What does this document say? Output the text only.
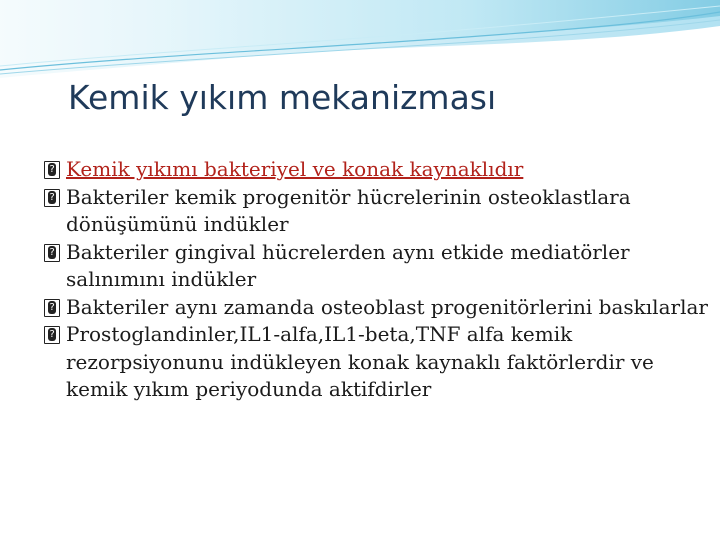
Kemik yıkım mekanizması
?
Kemik yıkımı bakteriyel ve konak kaynaklıdır
?
Bakteriler kemik progenitör hücrelerinin osteoklastlara dönüşümünü indükler
?
Bakteriler gingival hücrelerden aynı etkide mediatörler salınımını indükler
?
Bakteriler aynı zamanda osteoblast progenitörlerini baskılarlar
?
Prostoglandinler,IL1-alfa,IL1-beta,TNF alfa kemik rezorpsiyonunu indükleyen konak kaynaklı faktörlerdir ve kemik yıkım periyodunda aktifdirler
